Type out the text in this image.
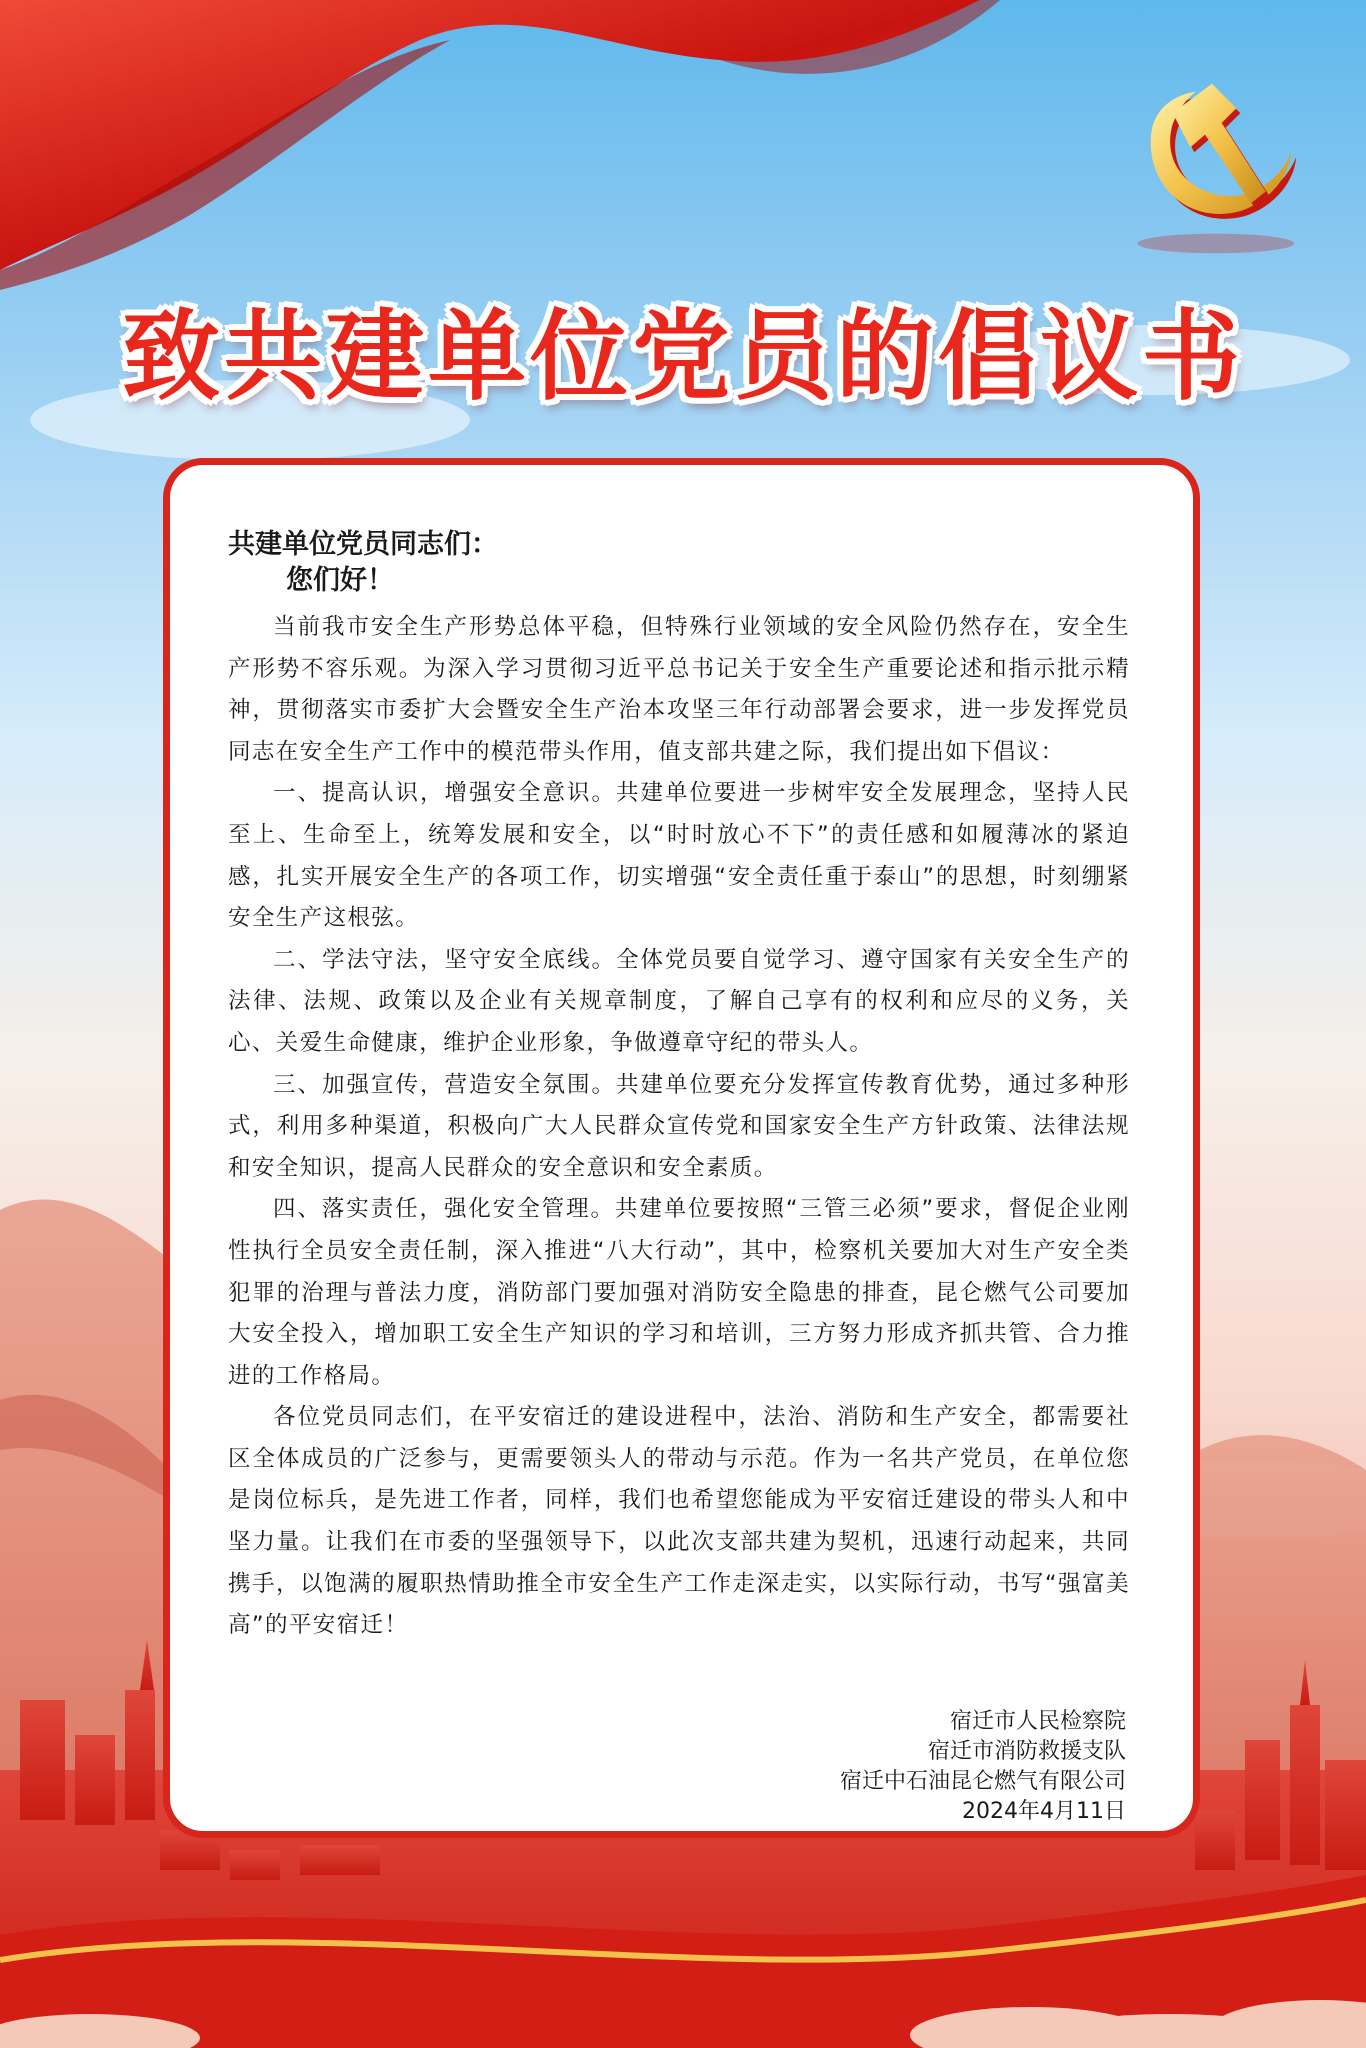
致共建单位党员的倡议书

共建单位党员同志们：

您们好！

当前我市安全生产形势总体平稳，但特殊行业领域的安全风险仍然存在，安全生产形势不容乐观。为深入学习贯彻习近平总书记关于安全生产重要论述和指示批示精神，贯彻落实市委扩大会暨安全生产治本攻坚三年行动部署会要求，进一步发挥党员同志在安全生产工作中的模范带头作用，值支部共建之际，我们提出如下倡议：

一、提高认识，增强安全意识。共建单位要进一步树牢安全发展理念，坚持人民至上、生命至上，统筹发展和安全，以“时时放心不下”的责任感和如履薄冰的紧迫感，扎实开展安全生产的各项工作，切实增强“安全责任重于泰山”的思想，时刻绷紧安全生产这根弦。

二、学法守法，坚守安全底线。全体党员要自觉学习、遵守国家有关安全生产的法律、法规、政策以及企业有关规章制度，了解自己享有的权利和应尽的义务，关心、关爱生命健康，维护企业形象，争做遵章守纪的带头人。

三、加强宣传，营造安全氛围。共建单位要充分发挥宣传教育优势，通过多种形式，利用多种渠道，积极向广大人民群众宣传党和国家安全生产方针政策、法律法规和安全知识，提高人民群众的安全意识和安全素质。

四、落实责任，强化安全管理。共建单位要按照“三管三必须”要求，督促企业刚性执行全员安全责任制，深入推进“八大行动”，其中，检察机关要加大对生产安全类犯罪的治理与普法力度，消防部门要加强对消防安全隐患的排查，昆仑燃气公司要加大安全投入，增加职工安全生产知识的学习和培训，三方努力形成齐抓共管、合力推进的工作格局。

各位党员同志们，在平安宿迁的建设进程中，法治、消防和生产安全，都需要社区全体成员的广泛参与，更需要领头人的带动与示范。作为一名共产党员，在单位您是岗位标兵，是先进工作者，同样，我们也希望您能成为平安宿迁建设的带头人和中坚力量。让我们在市委的坚强领导下，以此次支部共建为契机，迅速行动起来，共同携手，以饱满的履职热情助推全市安全生产工作走深走实，以实际行动，书写“强富美高”的平安宿迁！

宿迁市人民检察院
宿迁市消防救援支队
宿迁中石油昆仑燃气有限公司
2024年4月11日
